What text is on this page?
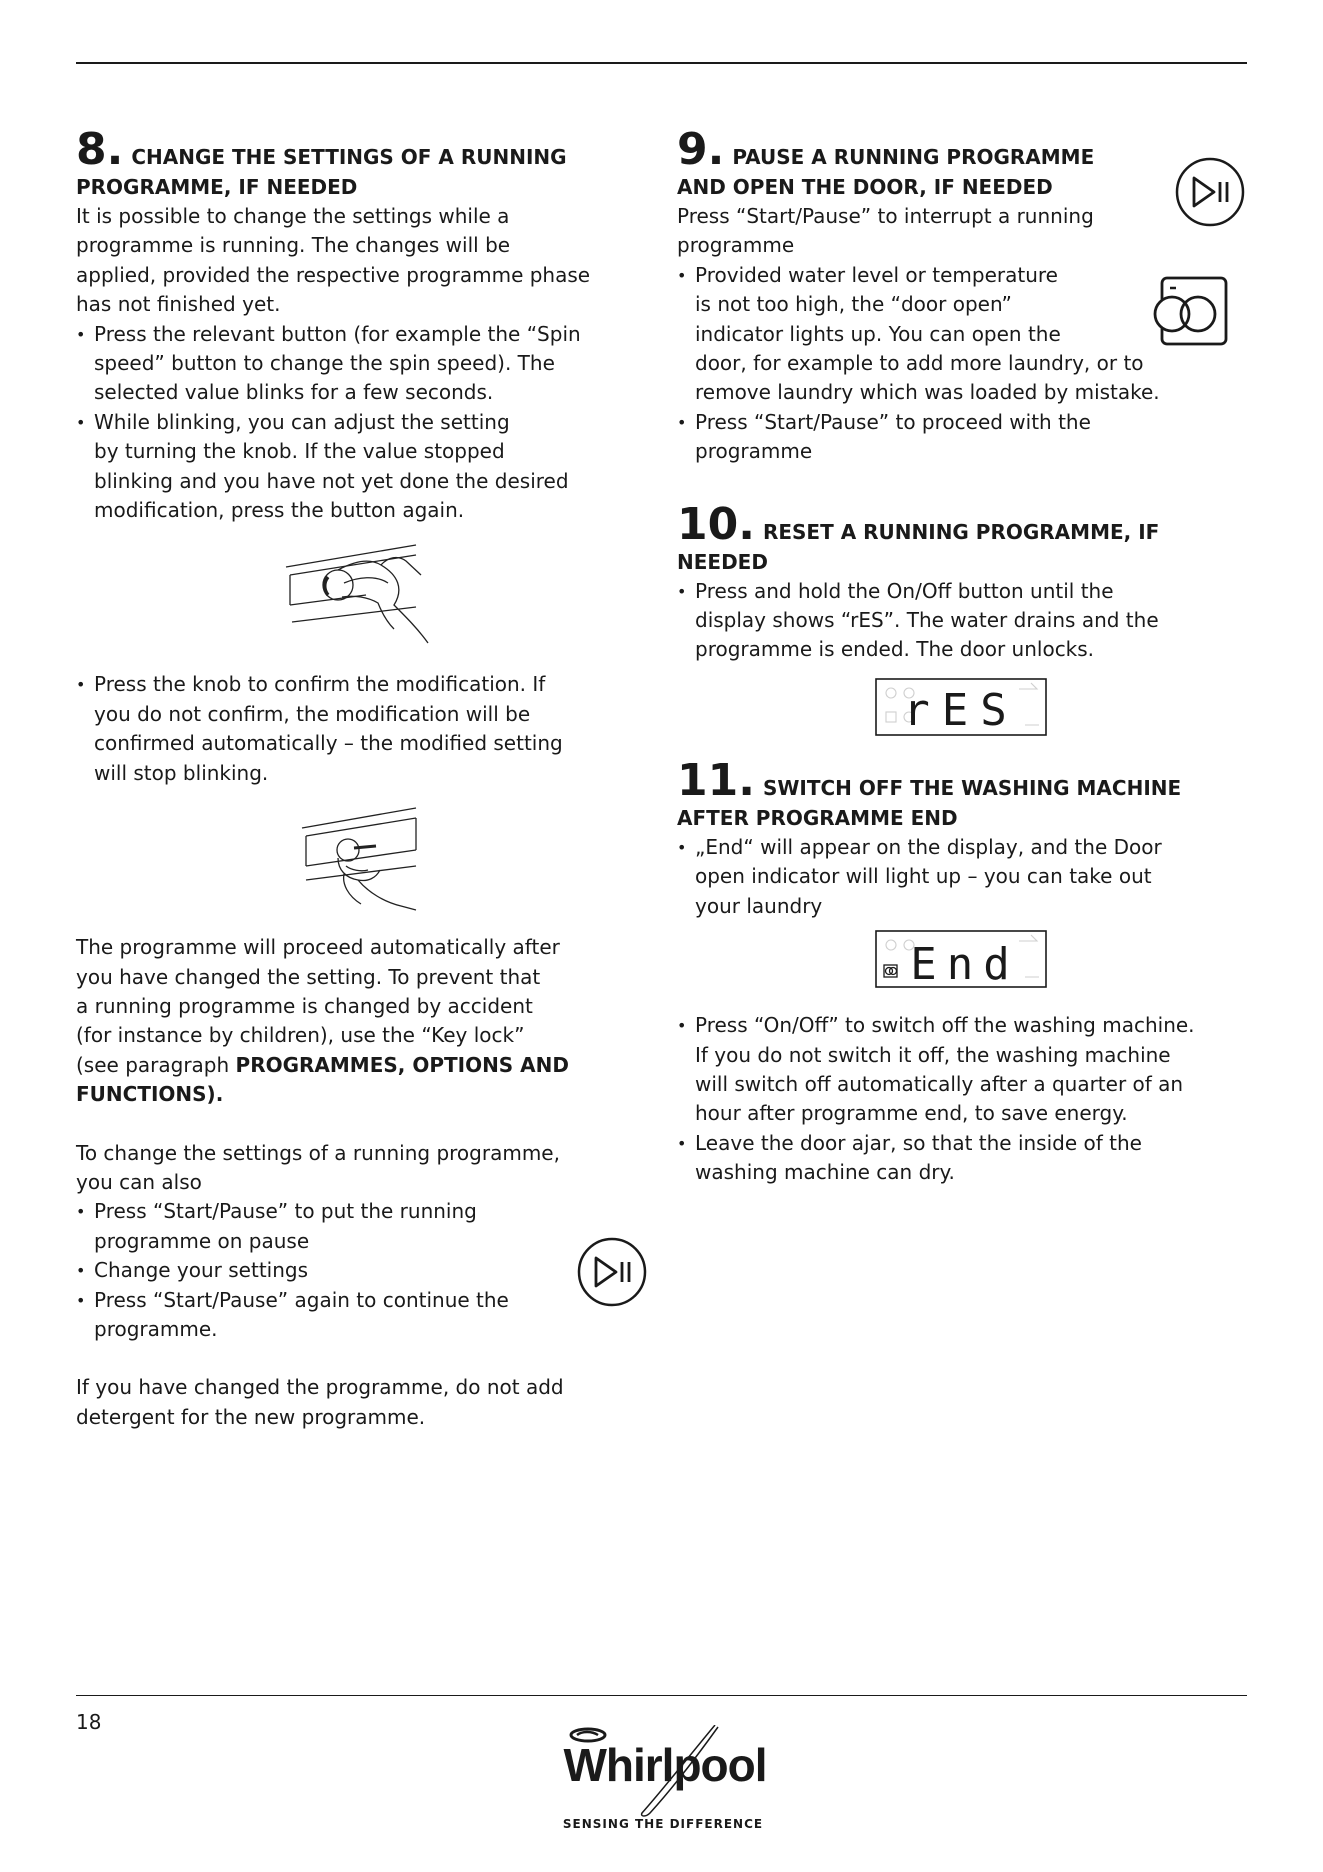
8. CHANGE THE SETTINGS OF A RUNNING
PROGRAMME, IF NEEDED

It is possible to change the settings while a
programme is running. The changes will be
applied, provided the respective programme phase
has not finished yet.

• Press the relevant button (for example the “Spin
speed” button to change the spin speed). The
selected value blinks for a few seconds.
• While blinking, you can adjust the setting
by turning the knob. If the value stopped
blinking and you have not yet done the desired
modification, press the button again.
• Press the knob to confirm the modification. If
you do not confirm, the modification will be
confirmed automatically – the modified setting
will stop blinking.

The programme will proceed automatically after
you have changed the setting. To prevent that
a running programme is changed by accident
(for instance by children), use the “Key lock”
(see paragraph PROGRAMMES, OPTIONS AND
FUNCTIONS).

To change the settings of a running programme,
you can also

• Press “Start/Pause” to put the running
programme on pause
• Change your settings
• Press “Start/Pause” again to continue the
programme.

If you have changed the programme, do not add
detergent for the new programme.

9. PAUSE A RUNNING PROGRAMME
AND OPEN THE DOOR, IF NEEDED

Press “Start/Pause” to interrupt a running
programme

• Provided water level or temperature
is not too high, the “door open”
indicator lights up. You can open the
door, for example to add more laundry, or to
remove laundry which was loaded by mistake.
• Press “Start/Pause” to proceed with the
programme
10. RESET A RUNNING PROGRAMME, IF
NEEDED
• Press and hold the On/Off button until the
display shows “rES”. The water drains and the
programme is ended. The door unlocks.
rES
11. SWITCH OFF THE WASHING MACHINE
AFTER PROGRAMME END
• „End“ will appear on the display, and the Door
open indicator will light up – you can take out
your laundry
End
• Press “On/Off” to switch off the washing machine.
If you do not switch it off, the washing machine
will switch off automatically after a quarter of an
hour after programme end, to save energy.
• Leave the door ajar, so that the inside of the
washing machine can dry.
18
Whirlpool
SENSING THE DIFFERENCE
